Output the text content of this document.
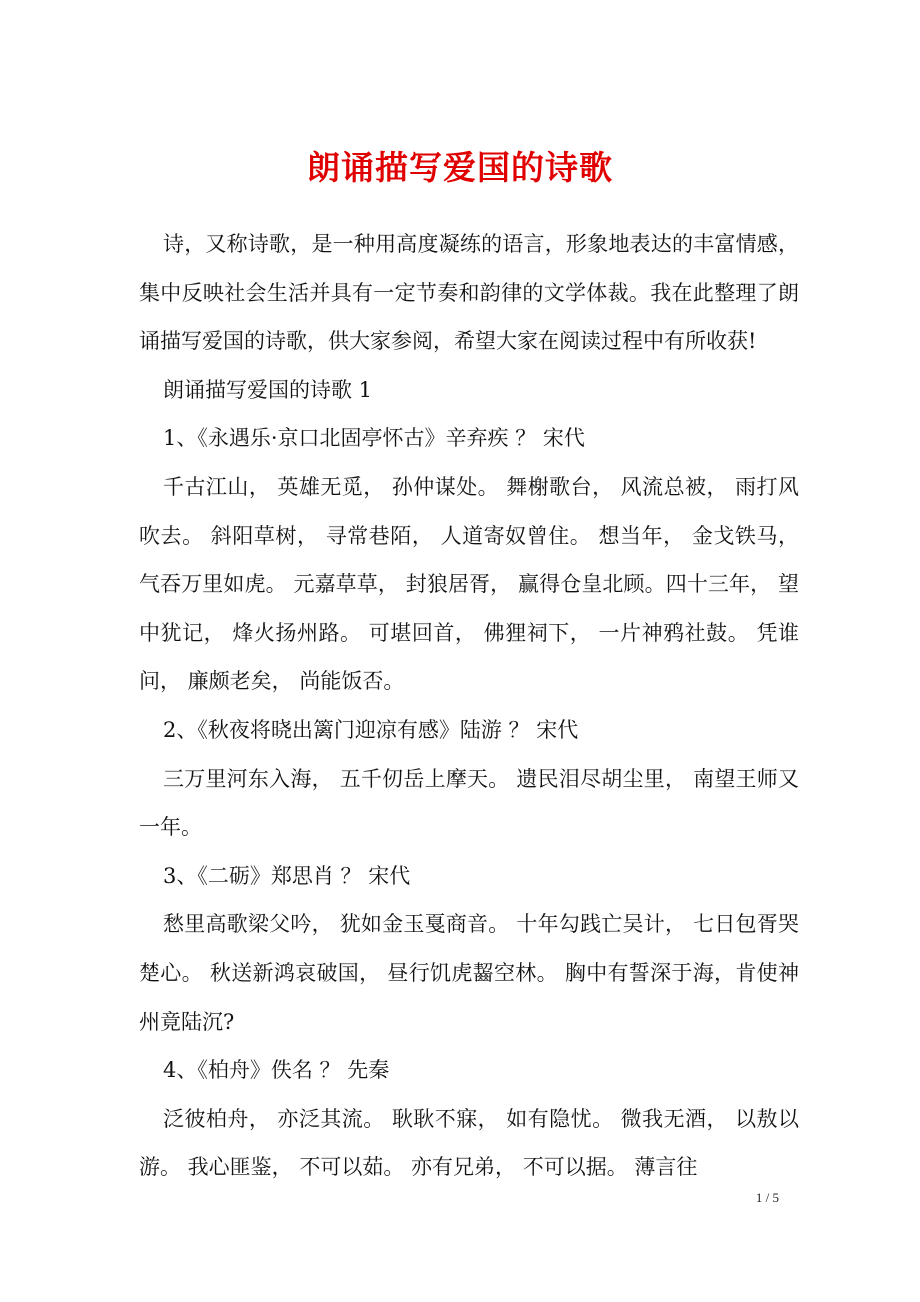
朗诵描写爱国的诗歌

诗，又称诗歌，是一种用高度凝练的语言，形象地表达的丰富情感，集中反映社会生活并具有一定节奏和韵律的文学体裁。我在此整理了朗诵描写爱国的诗歌，供大家参阅，希望大家在阅读过程中有所收获!

朗诵描写爱国的诗歌 1

1、《永遇乐·京口北固亭怀古》辛弃疾 ？ 宋代

千古江山， 英雄无觅， 孙仲谋处。 舞榭歌台， 风流总被， 雨打风吹去。 斜阳草树， 寻常巷陌， 人道寄奴曾住。 想当年， 金戈铁马， 气吞万里如虎。 元嘉草草， 封狼居胥， 赢得仓皇北顾。四十三年， 望中犹记， 烽火扬州路。 可堪回首， 佛狸祠下， 一片神鸦社鼓。 凭谁问， 廉颇老矣， 尚能饭否。

2、《秋夜将晓出篱门迎凉有感》陆游 ？ 宋代

三万里河东入海， 五千仞岳上摩天。 遗民泪尽胡尘里， 南望王师又一年。

3、《二砺》郑思肖 ？ 宋代

愁里高歌梁父吟， 犹如金玉戛商音。 十年勾践亡吴计， 七日包胥哭楚心。 秋送新鸿哀破国， 昼行饥虎齧空林。 胸中有誓深于海，肯使神州竟陆沉?

4、《柏舟》佚名 ？ 先秦

泛彼柏舟， 亦泛其流。 耿耿不寐， 如有隐忧。 微我无酒， 以敖以游。 我心匪鉴， 不可以茹。 亦有兄弟， 不可以据。 薄言往

1 / 5
